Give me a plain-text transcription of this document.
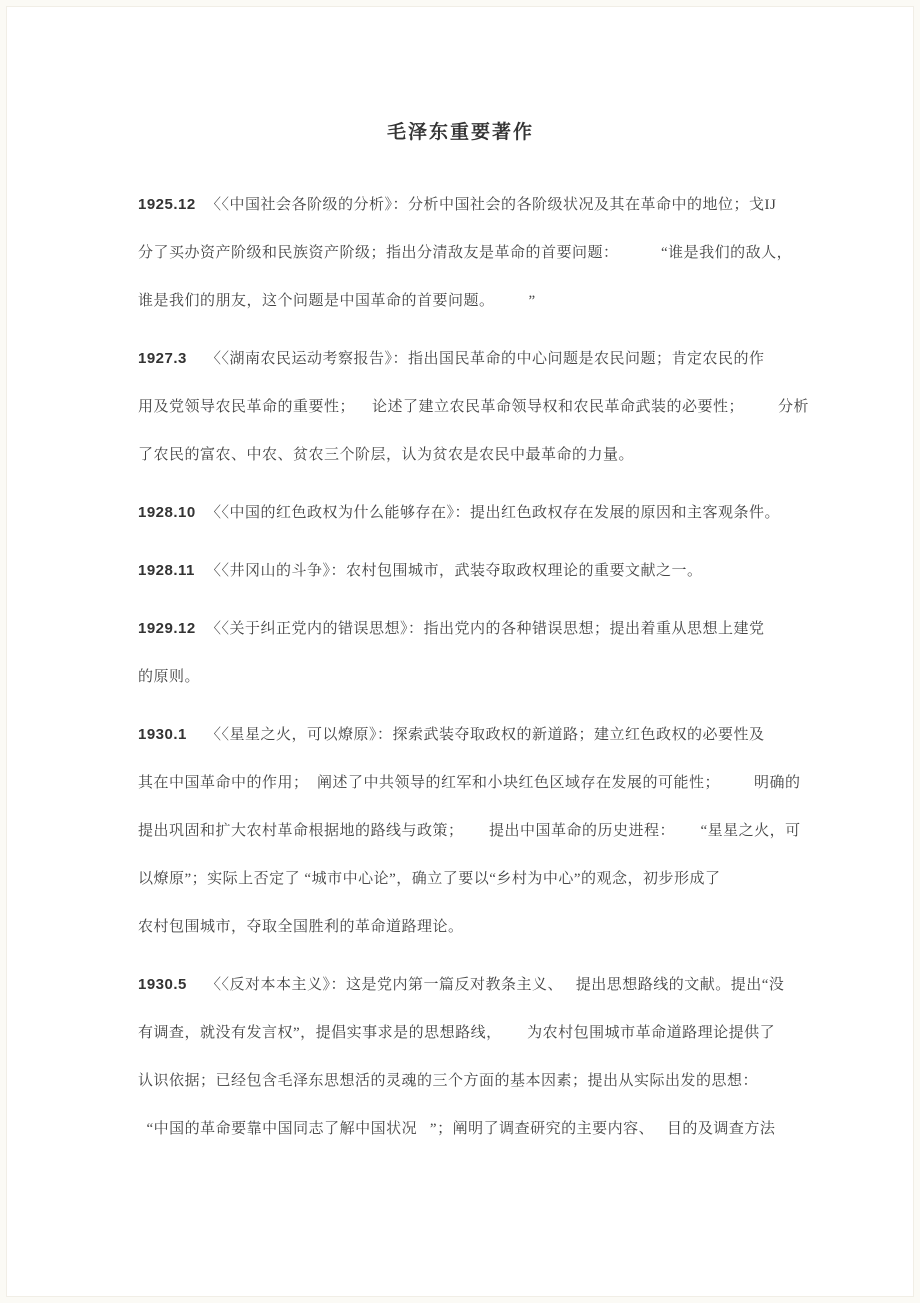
毛泽东重要著作
1925.12 〈〈中国社会各阶级的分析》：分析中国社会的各阶级状况及其在革命中的地位；戈IJ
分了买办资产阶级和民族资产阶级；指出分清敌友是革命的首要问题：          “谁是我们的敌人，
谁是我们的朋友，这个问题是中国革命的首要问题。        ”
1927.3 〈〈湖南农民运动考察报告》：指出国民革命的中心问题是农民问题；肯定农民的作
用及党领导农民革命的重要性；    论述了建立农民革命领导权和农民革命武装的必要性；        分析
了农民的富农、中农、贫农三个阶层，认为贫农是农民中最革命的力量。
1928.10 〈〈中国的红色政权为什么能够存在》：提出红色政权存在发展的原因和主客观条件。
1928.11 〈〈井冈山的斗争》：农村包围城市，武装夺取政权理论的重要文献之一。
1929.12 〈〈关于纠正党内的错误思想》：指出党内的各种错误思想；提出着重从思想上建党
的原则。
1930.1 〈〈星星之火，可以燎原》：探索武装夺取政权的新道路；建立红色政权的必要性及
其在中国革命中的作用；  阐述了中共领导的红军和小块红色区域存在发展的可能性；        明确的
提出巩固和扩大农村革命根据地的路线与政策；      提出中国革命的历史进程：      “星星之火，可
以燎原”；实际上否定了 “城市中心论”，确立了要以“乡村为中心”的观念，初步形成了
农村包围城市，夺取全国胜利的革命道路理论。
1930.5 〈〈反对本本主义》：这是党内第一篇反对教条主义、   提出思想路线的文献。提出“没
有调查，就没有发言权”，提倡实事求是的思想路线，      为农村包围城市革命道路理论提供了
认识依据；已经包含毛泽东思想活的灵魂的三个方面的基本因素；提出从实际出发的思想：
“中国的革命要靠中国同志了解中国状况   ”；阐明了调查研究的主要内容、   目的及调查方法
